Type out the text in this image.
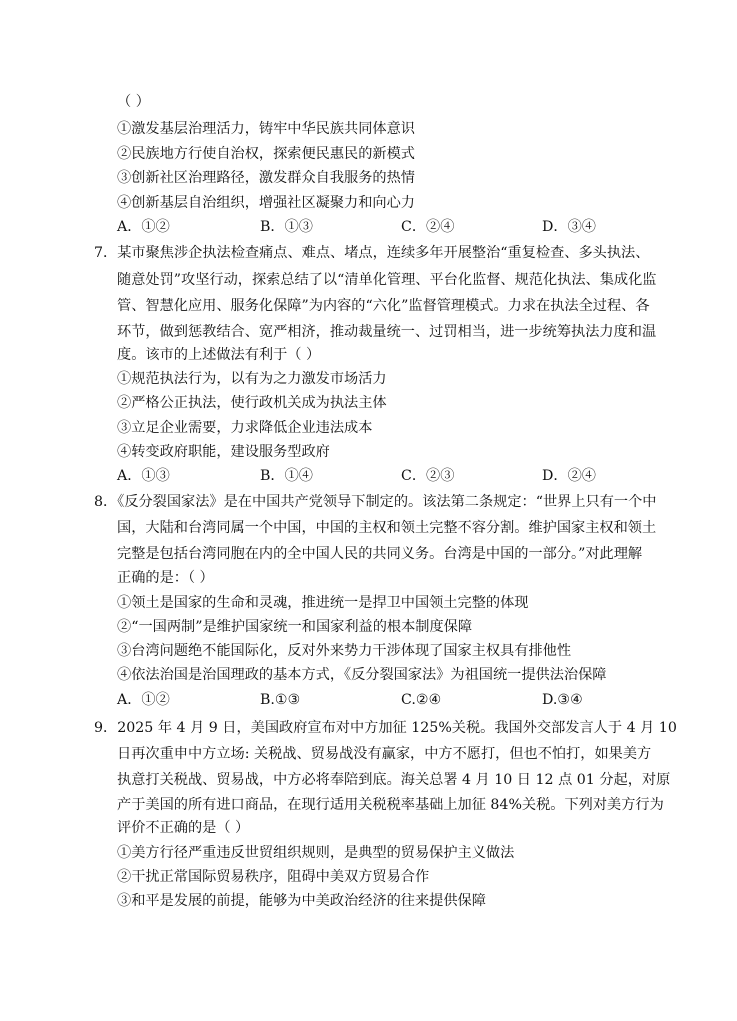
（ ）
①激发基层治理活力，铸牢中华民族共同体意识
②民族地方行使自治权，探索便民惠民的新模式
③创新社区治理路径，激发群众自我服务的热情
④创新基层自治组织，增强社区凝聚力和向心力
A．①②	B．①③	C．②④	D．③④
7．某市聚焦涉企执法检查痛点、难点、堵点，连续多年开展整治“重复检查、多头执法、
随意处罚”攻坚行动，探索总结了以“清单化管理、平台化监督、规范化执法、集成化监
管、智慧化应用、服务化保障”为内容的“六化”监督管理模式。力求在执法全过程、各
环节，做到惩教结合、宽严相济，推动裁量统一、过罚相当，进一步统筹执法力度和温
度。该市的上述做法有利于（ ）
①规范执法行为，以有为之力激发市场活力
②严格公正执法，使行政机关成为执法主体
③立足企业需要，力求降低企业违法成本
④转变政府职能，建设服务型政府
A．①③	B．①④	C．②③	D．②④
8．《反分裂国家法》是在中国共产党领导下制定的。该法第二条规定：“世界上只有一个中
国，大陆和台湾同属一个中国，中国的主权和领土完整不容分割。维护国家主权和领土
完整是包括台湾同胞在内的全中国人民的共同义务。台湾是中国的一部分。”对此理解
正确的是：（ ）
①领土是国家的生命和灵魂，推进统一是捍卫中国领土完整的体现
②“一国两制”是维护国家统一和国家利益的根本制度保障
③台湾问题绝不能国际化，反对外来势力干涉体现了国家主权具有排他性
④依法治国是治国理政的基本方式，《反分裂国家法》为祖国统一提供法治保障
A．①②	B.①③	C.②④	D.③④
9．2025 年 4 月 9 日，美国政府宣布对中方加征 125%关税。我国外交部发言人于 4 月 10
日再次重申中方立场: 关税战、贸易战没有赢家，中方不愿打，但也不怕打，如果美方
执意打关税战、贸易战，中方必将奉陪到底。海关总署 4 月 10 日 12 点 01 分起，对原
产于美国的所有进口商品，在现行适用关税税率基础上加征 84%关税。下列对美方行为
评价不正确的是（ ）
①美方行径严重违反世贸组织规则，是典型的贸易保护主义做法
②干扰正常国际贸易秩序，阻碍中美双方贸易合作
③和平是发展的前提，能够为中美政治经济的往来提供保障
